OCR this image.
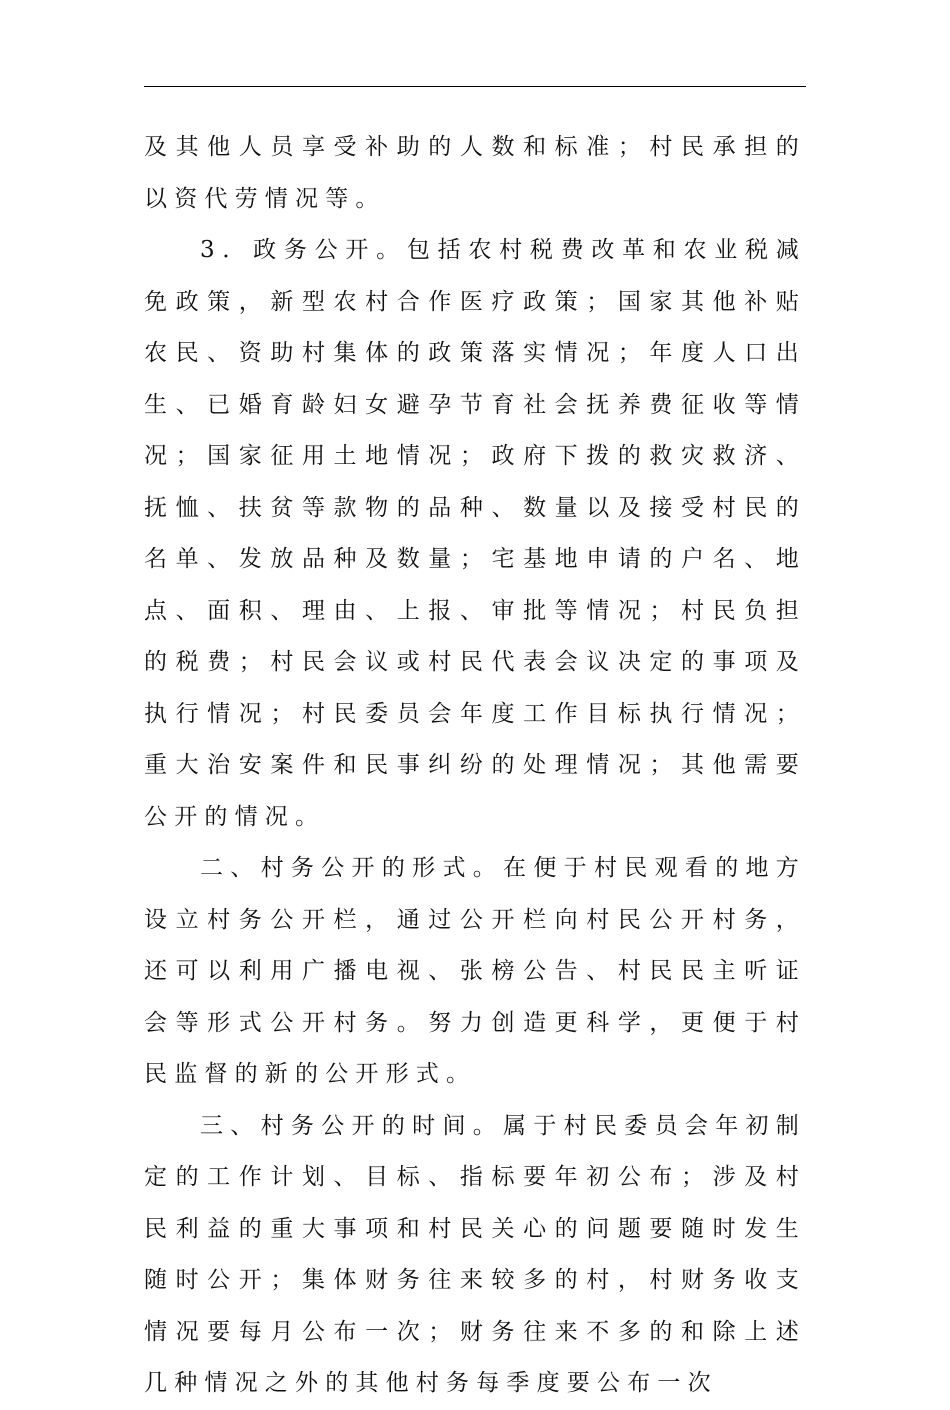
及其他人员享受补助的人数和标准；村民承担的以资代劳情况等。

3．政务公开。包括农村税费改革和农业税减免政策，新型农村合作医疗政策；国家其他补贴农民、资助村集体的政策落实情况；年度人口出生、已婚育龄妇女避孕节育社会抚养费征收等情况；国家征用土地情况；政府下拨的救灾救济、抚恤、扶贫等款物的品种、数量以及接受村民的名单、发放品种及数量；宅基地申请的户名、地点、面积、理由、上报、审批等情况；村民负担的税费；村民会议或村民代表会议决定的事项及执行情况；村民委员会年度工作目标执行情况；重大治安案件和民事纠纷的处理情况；其他需要公开的情况。

二、村务公开的形式。在便于村民观看的地方设立村务公开栏，通过公开栏向村民公开村务，还可以利用广播电视、张榜公告、村民民主听证会等形式公开村务。努力创造更科学，更便于村民监督的新的公开形式。

三、村务公开的时间。属于村民委员会年初制定的工作计划、目标、指标要年初公布；涉及村民利益的重大事项和村民关心的问题要随时发生随时公开；集体财务往来较多的村，村财务收支情况要每月公布一次；财务往来不多的和除上述几种情况之外的其他村务每季度要公布一次
